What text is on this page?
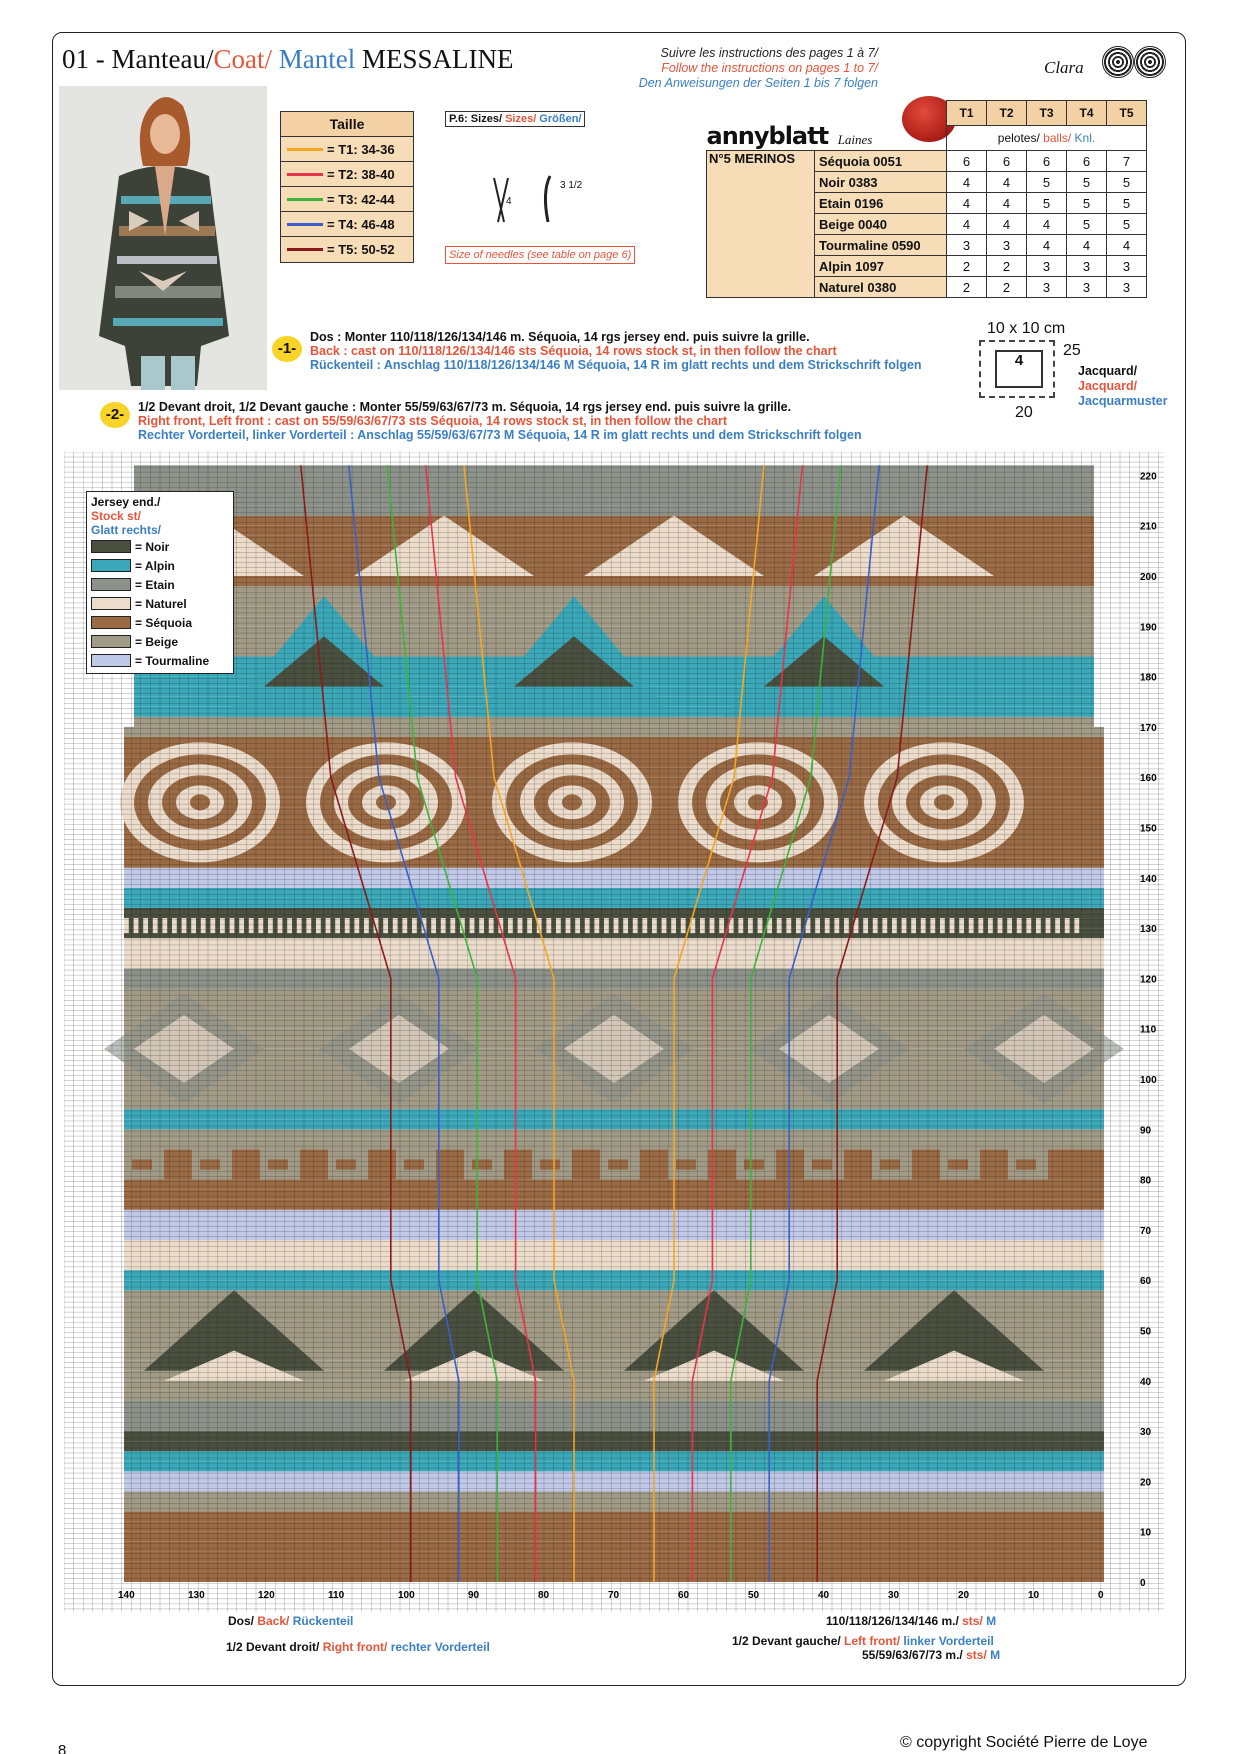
01 - Manteau/Coat/ Mantel MESSALINE	Suivre les instructions des pages 1 à 7/
Follow the instructions on pages 1 to 7/
Den Anweisungen der Seiten 1 bis 7 folgen
Clara
Taille
= T1: 34-36
= T2: 38-40
= T3: 42-44
= T4: 46-48
= T5: 50-52
P.6: Sizes/ Sizes/ Größen/
4
3 1/2
Size of needles (see table on page 6)
annyblatt Laines		T1	T2	T3	T4	T5
		pelotes/ balls/ Knl.				
N°5 MERINOS	Séquoia 0051	6	6	6	6	7
	Noir 0383	4	4	5	5	5
	Etain 0196	4	4	5	5	5
	Beige 0040	4	4	4	5	5
	Tourmaline 0590	3	3	4	4	4
	Alpin 1097	2	2	3	3	3
	Naturel 0380	2	2	3	3	3
-1-
Dos : Monter 110/118/126/134/146 m. Séquoia, 14 rgs jersey end. puis suivre la grille.
Back : cast on 110/118/126/134/146 sts Séquoia, 14 rows stock st, in then follow the chart
Rückenteil : Anschlag 110/118/126/134/146 M Séquoia, 14 R im glatt rechts und dem Strickschrift folgen
-2-	1/2 Devant droit, 1/2 Devant gauche : Monter 55/59/63/67/73 m. Séquoia, 14 rgs jersey end. puis suivre la grille.
Right front, Left front : cast on 55/59/63/67/73 sts Séquoia, 14 rows stock st, in then follow the chart
Rechter Vorderteil, linker Vorderteil : Anschlag 55/59/63/67/73 M Séquoia, 14 R im glatt rechts und dem Strickschrift folgen
10 x 10 cm
4
25
20
Jacquard/
Jacquard/
Jacquarmuster
220
210
200
190
180
170
160
150
140
130
120
110
100
90
80
70
60
50
40
30
20
10
0
140	130	120	110	100	90	80	70	60	50	40	30	20	10	0
Jersey end./
Stock st/
Glatt rechts/
= Noir
= Alpin
= Etain
= Naturel
= Séquoia
= Beige
= Tourmaline
Dos/ Back/ Rückenteil	110/118/126/134/146 m./ sts/ M
1/2 Devant droit/ Right front/ rechter Vorderteil	1/2 Devant gauche/ Left front/ linker Vorderteil
55/59/63/67/73 m./ sts/ M
8	© copyright Société Pierre de Loye
